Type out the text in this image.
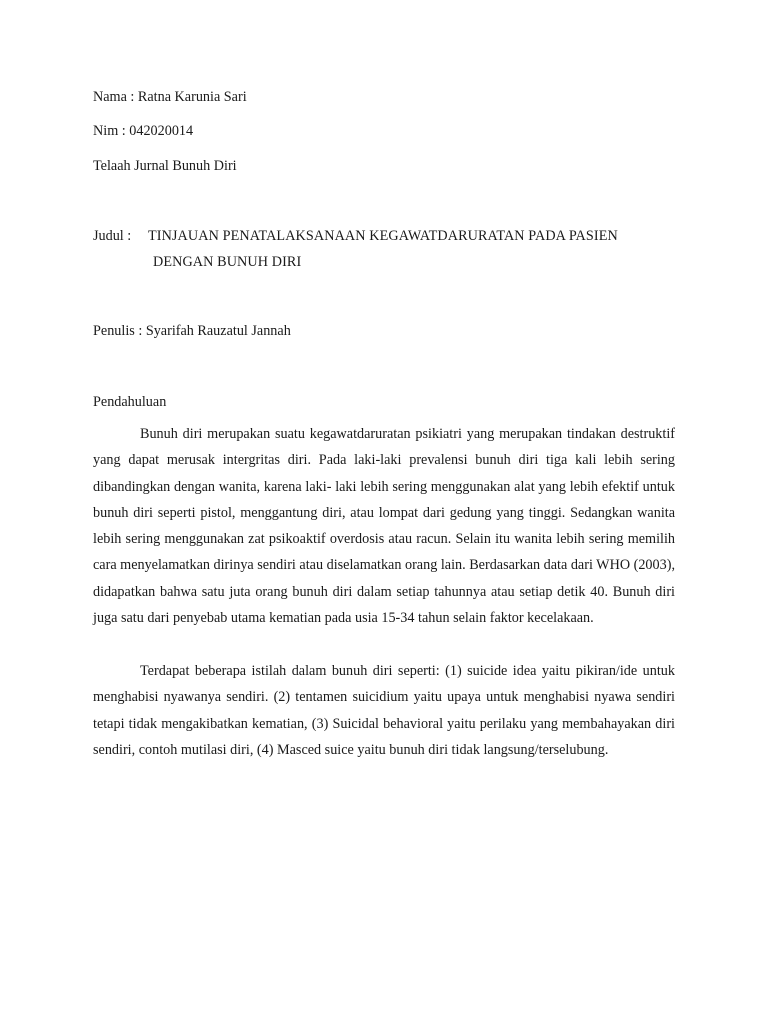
Nama : Ratna Karunia Sari
Nim : 042020014
Telaah Jurnal Bunuh Diri
Judul : TINJAUAN PENATALAKSANAAN KEGAWATDARURATAN PADA PASIEN
DENGAN BUNUH DIRI
Penulis : Syarifah Rauzatul Jannah
Pendahuluan

Bunuh diri merupakan suatu kegawatdaruratan psikiatri yang merupakan tindakan destruktif yang dapat merusak intergritas diri. Pada laki-laki prevalensi bunuh diri tiga kali lebih sering dibandingkan dengan wanita, karena laki- laki lebih sering menggunakan alat yang lebih efektif untuk bunuh diri seperti pistol, menggantung diri, atau lompat dari gedung yang tinggi. Sedangkan wanita lebih sering menggunakan zat psikoaktif overdosis atau racun. Selain itu wanita lebih sering memilih cara menyelamatkan dirinya sendiri atau diselamatkan orang lain. Berdasarkan data dari WHO (2003), didapatkan bahwa satu juta orang bunuh diri dalam setiap tahunnya atau setiap detik 40. Bunuh diri juga satu dari penyebab utama kematian pada usia 15-34 tahun selain faktor kecelakaan.

Terdapat beberapa istilah dalam bunuh diri seperti: (1) suicide idea yaitu pikiran/ide untuk menghabisi nyawanya sendiri. (2) tentamen suicidium yaitu upaya untuk menghabisi nyawa sendiri tetapi tidak mengakibatkan kematian, (3) Suicidal behavioral yaitu perilaku yang membahayakan diri sendiri, contoh mutilasi diri, (4) Masced suice yaitu bunuh diri tidak langsung/terselubung.
